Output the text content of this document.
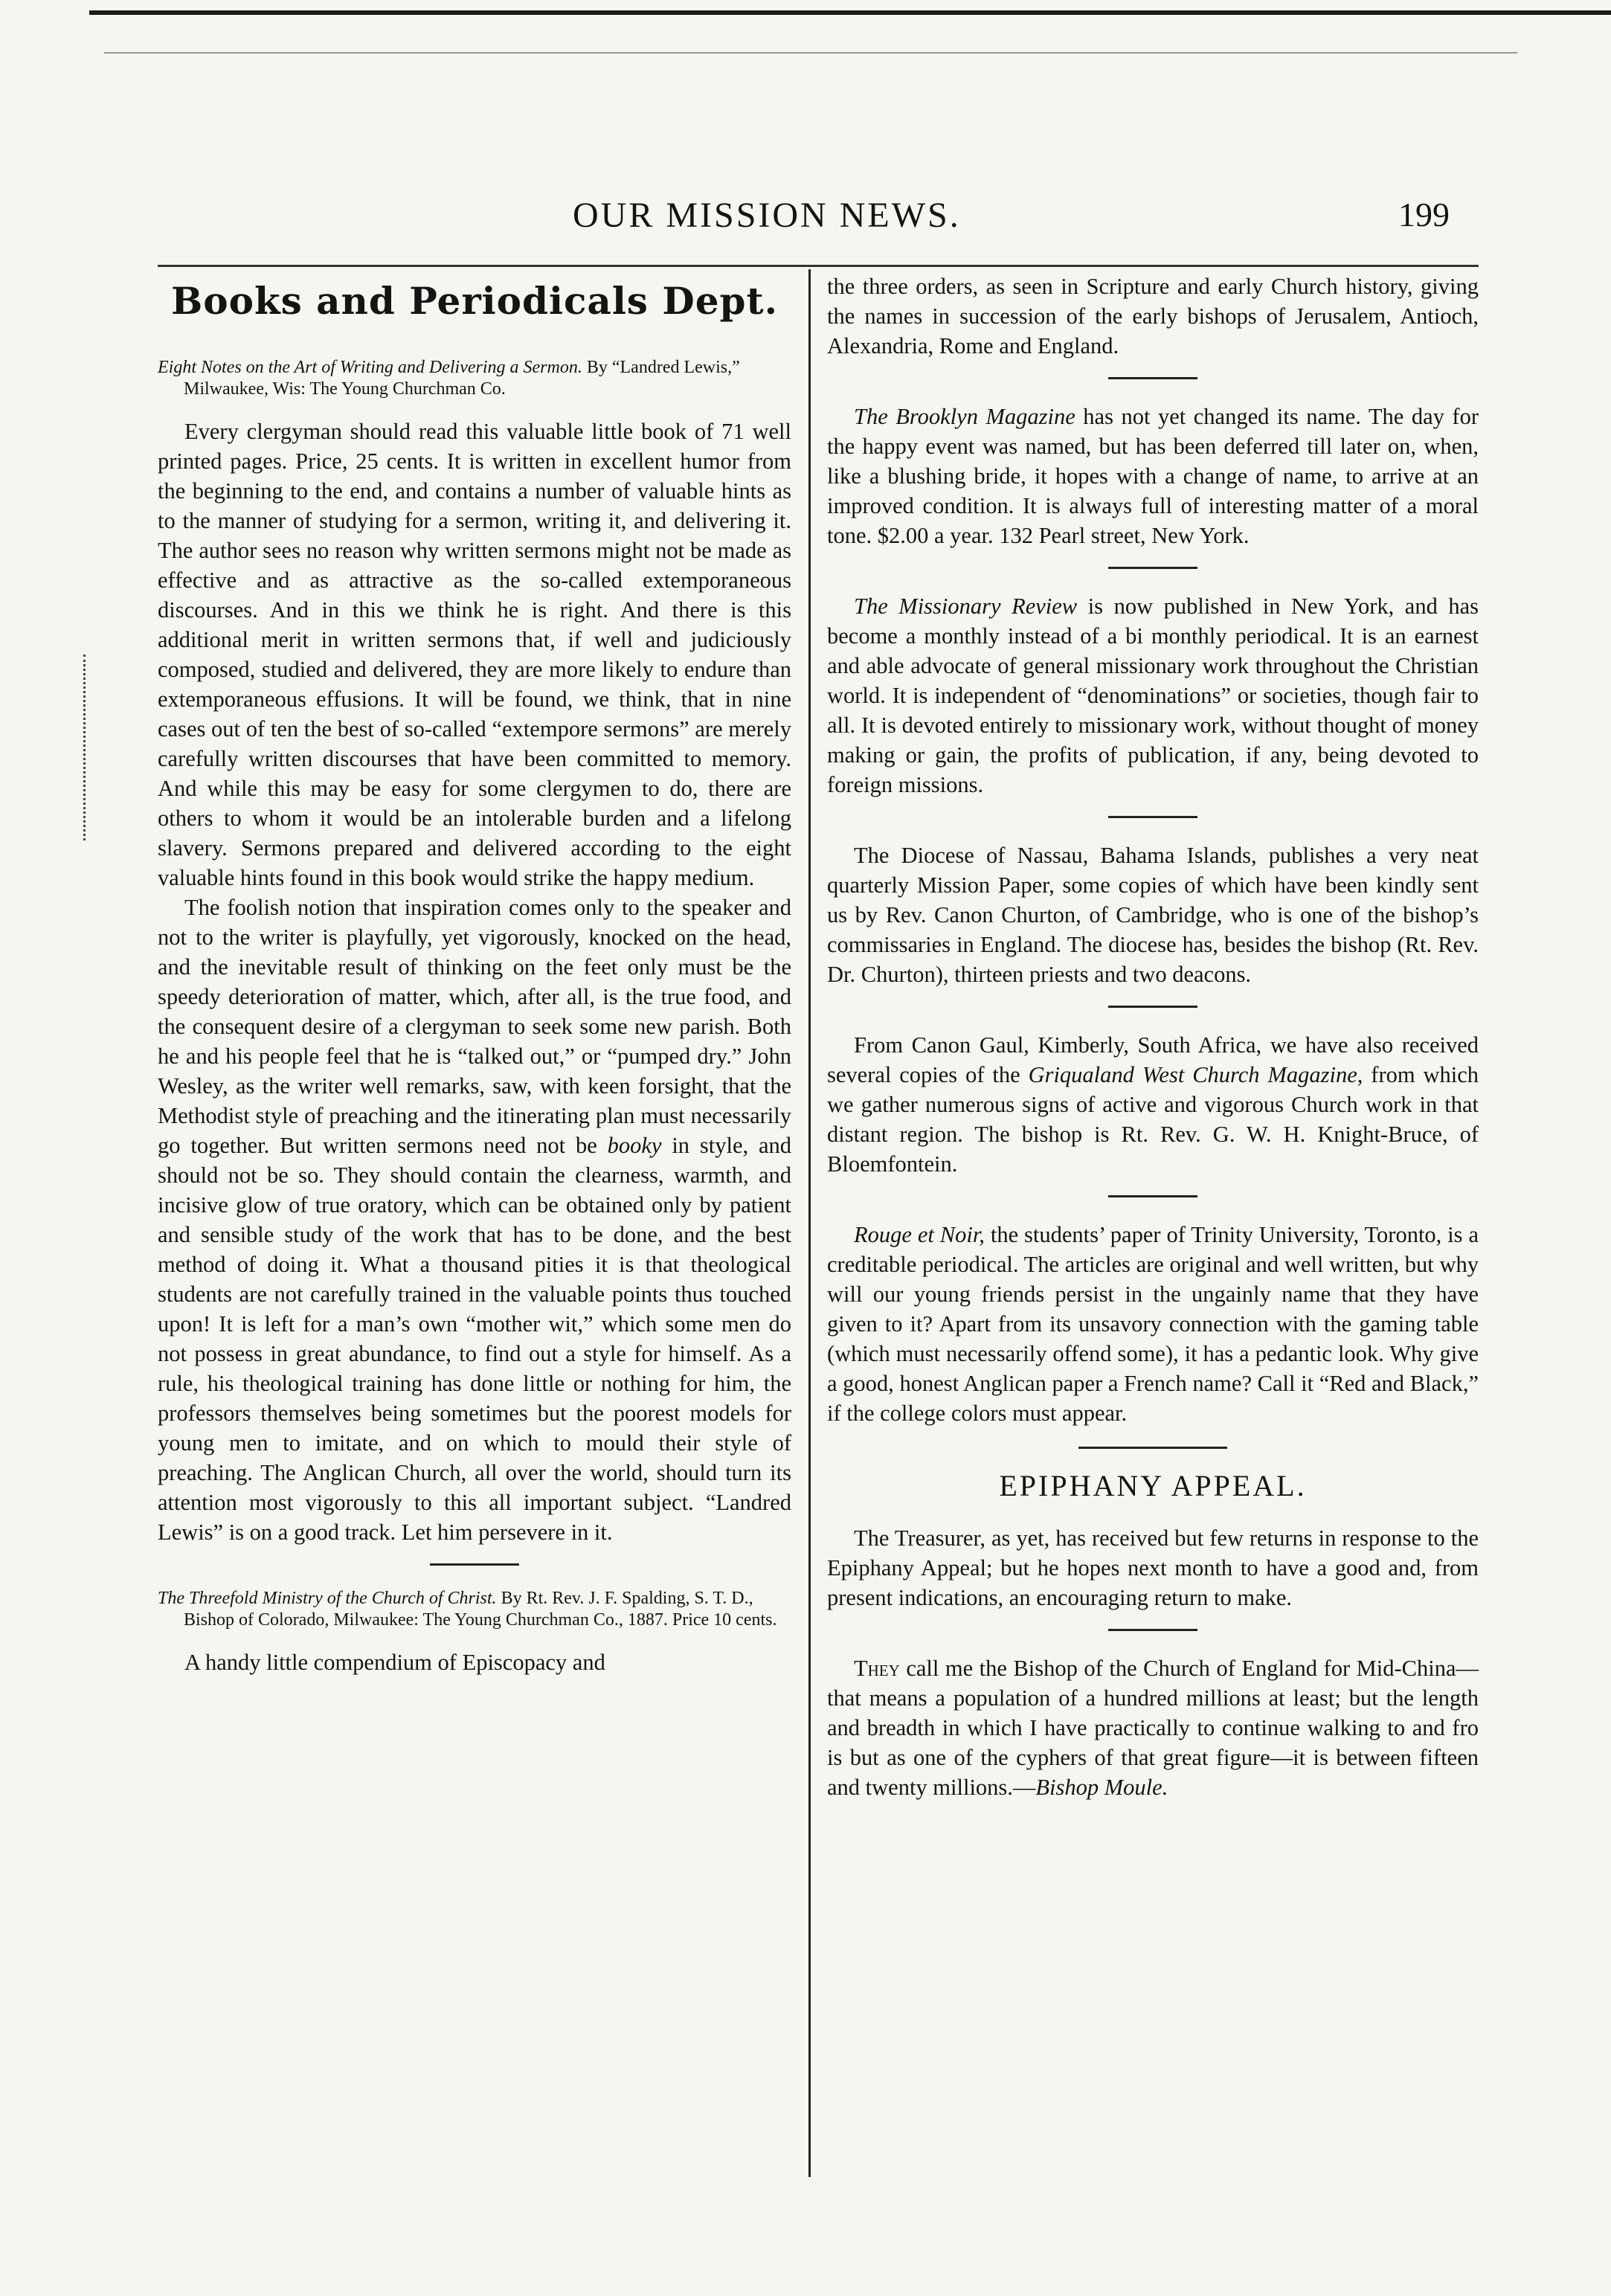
OUR MISSION NEWS.	199
Books and Periodicals Dept.
Eight Notes on the Art of Writing and Delivering a Sermon. By “Landred Lewis,” Milwaukee, Wis: The Young Churchman Co.

Every clergyman should read this valuable little book of 71 well printed pages. Price, 25 cents. It is written in excellent humor from the beginning to the end, and contains a number of valuable hints as to the manner of studying for a sermon, writing it, and delivering it. The author sees no reason why written sermons might not be made as effective and as attractive as the so-called extemporaneous discourses. And in this we think he is right. And there is this additional merit in written sermons that, if well and judiciously composed, studied and delivered, they are more likely to endure than extemporaneous effusions. It will be found, we think, that in nine cases out of ten the best of so-called “extempore sermons” are merely carefully written discourses that have been committed to memory. And while this may be easy for some clergymen to do, there are others to whom it would be an intolerable burden and a lifelong slavery. Sermons prepared and delivered according to the eight valuable hints found in this book would strike the happy medium.

The foolish notion that inspiration comes only to the speaker and not to the writer is playfully, yet vigorously, knocked on the head, and the inevitable result of thinking on the feet only must be the speedy deterioration of matter, which, after all, is the true food, and the consequent desire of a clergyman to seek some new parish. Both he and his people feel that he is “talked out,” or “pumped dry.” John Wesley, as the writer well remarks, saw, with keen forsight, that the Methodist style of preaching and the itinerating plan must necessarily go together. But written sermons need not be booky in style, and should not be so. They should contain the clearness, warmth, and incisive glow of true oratory, which can be obtained only by patient and sensible study of the work that has to be done, and the best method of doing it. What a thousand pities it is that theological students are not carefully trained in the valuable points thus touched upon! It is left for a man’s own “mother wit,” which some men do not possess in great abundance, to find out a style for himself. As a rule, his theological training has done little or nothing for him, the professors themselves being sometimes but the poorest models for young men to imitate, and on which to mould their style of preaching. The Anglican Church, all over the world, should turn its attention most vigorously to this all important subject. “Landred Lewis” is on a good track. Let him persevere in it.

The Threefold Ministry of the Church of Christ. By Rt. Rev. J. F. Spalding, S. T. D., Bishop of Colorado, Milwaukee: The Young Churchman Co., 1887. Price 10 cents.

A handy little compendium of Episcopacy and

the three orders, as seen in Scripture and early Church history, giving the names in succession of the early bishops of Jerusalem, Antioch, Alexandria, Rome and England.

The Brooklyn Magazine has not yet changed its name. The day for the happy event was named, but has been deferred till later on, when, like a blushing bride, it hopes with a change of name, to arrive at an improved condition. It is always full of interesting matter of a moral tone. $2.00 a year. 132 Pearl street, New York.

The Missionary Review is now published in New York, and has become a monthly instead of a bi monthly periodical. It is an earnest and able advocate of general missionary work throughout the Christian world. It is independent of “denominations” or societies, though fair to all. It is devoted entirely to missionary work, without thought of money making or gain, the profits of publication, if any, being devoted to foreign missions.

The Diocese of Nassau, Bahama Islands, publishes a very neat quarterly Mission Paper, some copies of which have been kindly sent us by Rev. Canon Churton, of Cambridge, who is one of the bishop’s commissaries in England. The diocese has, besides the bishop (Rt. Rev. Dr. Churton), thirteen priests and two deacons.

From Canon Gaul, Kimberly, South Africa, we have also received several copies of the Griqualand West Church Magazine, from which we gather numerous signs of active and vigorous Church work in that distant region. The bishop is Rt. Rev. G. W. H. Knight-Bruce, of Bloemfontein.

Rouge et Noir, the students’ paper of Trinity University, Toronto, is a creditable periodical. The articles are original and well written, but why will our young friends persist in the ungainly name that they have given to it? Apart from its unsavory connection with the gaming table (which must necessarily offend some), it has a pedantic look. Why give a good, honest Anglican paper a French name? Call it “Red and Black,” if the college colors must appear.

EPIPHANY APPEAL.

The Treasurer, as yet, has received but few returns in response to the Epiphany Appeal; but he hopes next month to have a good and, from present indications, an encouraging return to make.

They call me the Bishop of the Church of England for Mid-China—that means a population of a hundred millions at least; but the length and breadth in which I have practically to continue walking to and fro is but as one of the cyphers of that great figure—it is between fifteen and twenty millions.—Bishop Moule.
